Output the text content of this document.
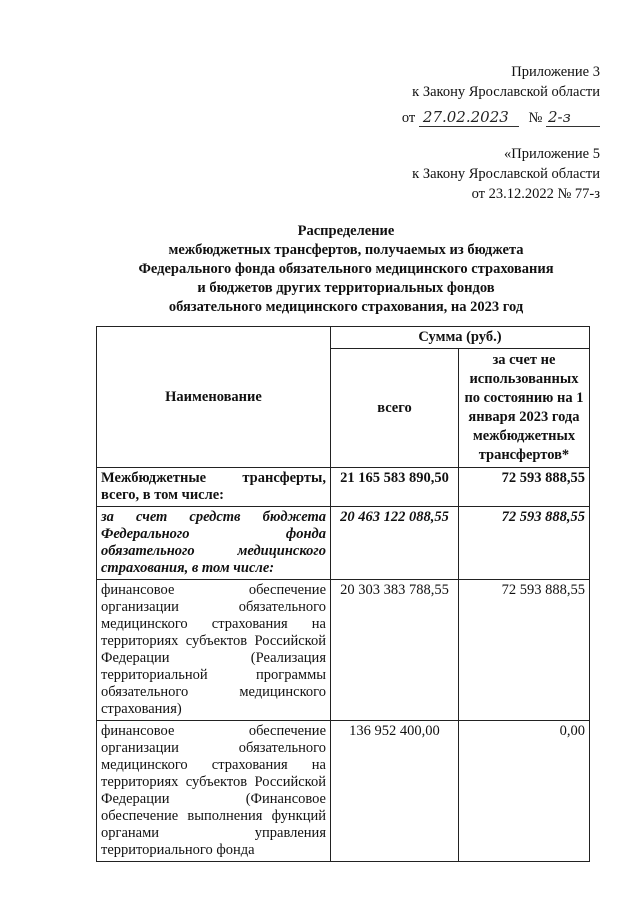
Приложение 3
к Закону Ярославской области
от 27.02.2023 № 2-з
«Приложение 5
к Закону Ярославской области
от 23.12.2022 № 77-з
Распределение
межбюджетных трансфертов, получаемых из бюджета
Федерального фонда обязательного медицинского страхования
и бюджетов других территориальных фондов
обязательного медицинского страхования, на 2023 год
Наименование	Сумма (руб.)	
	всего	за счет не использованных по состоянию на 1 января 2023 года межбюджетных трансфертов*
Межбюджетные трансферты, всего, в том числе:	21 165 583 890,50	72 593 888,55
за счет средств бюджета Федерального фонда обязательного медицинского страхования, в том числе:	20 463 122 088,55	72 593 888,55
финансовое обеспечение организации обязательного медицинского страхования на территориях субъектов Российской Федерации (Реализация территориальной программы обязательного медицинского страхования)	20 303 383 788,55	72 593 888,55
финансовое обеспечение организации обязательного медицинского страхования на территориях субъектов Российской Федерации (Финансовое обеспечение выполнения функций органами управления территориального фонда	136 952 400,00	0,00
